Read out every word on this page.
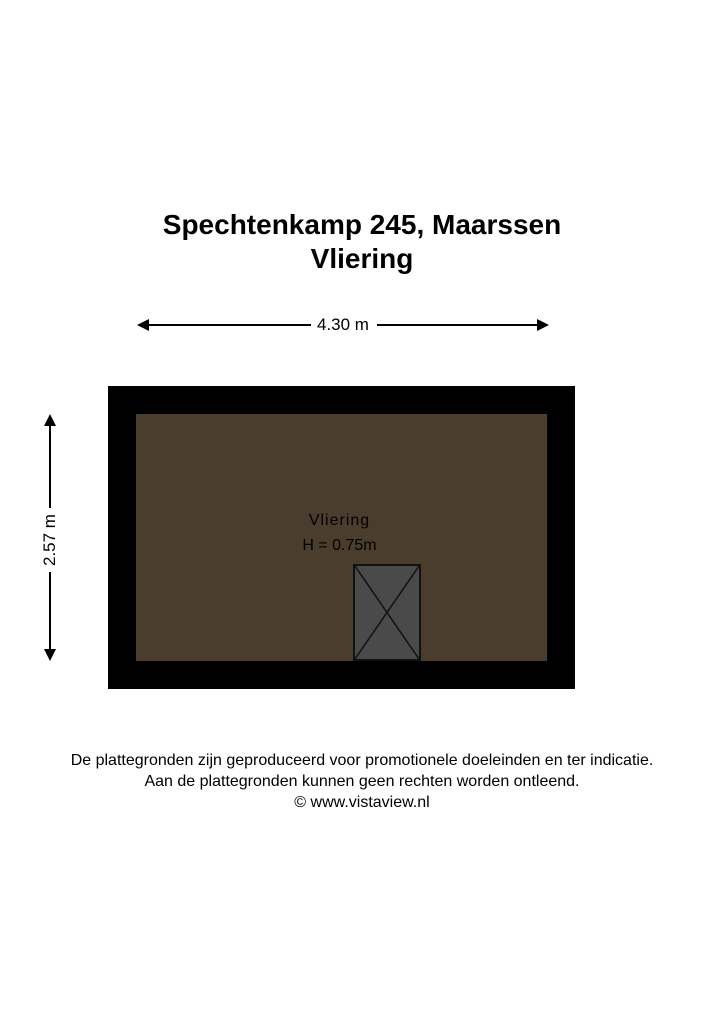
Spechtenkamp 245, Maarssen
Vliering
4.30 m
2.57 m	Vliering
H = 0.75m

De plattegronden zijn geproduceerd voor promotionele doeleinden en ter indicatie.

Aan de plattegronden kunnen geen rechten worden ontleend.

© www.vistaview.nl
